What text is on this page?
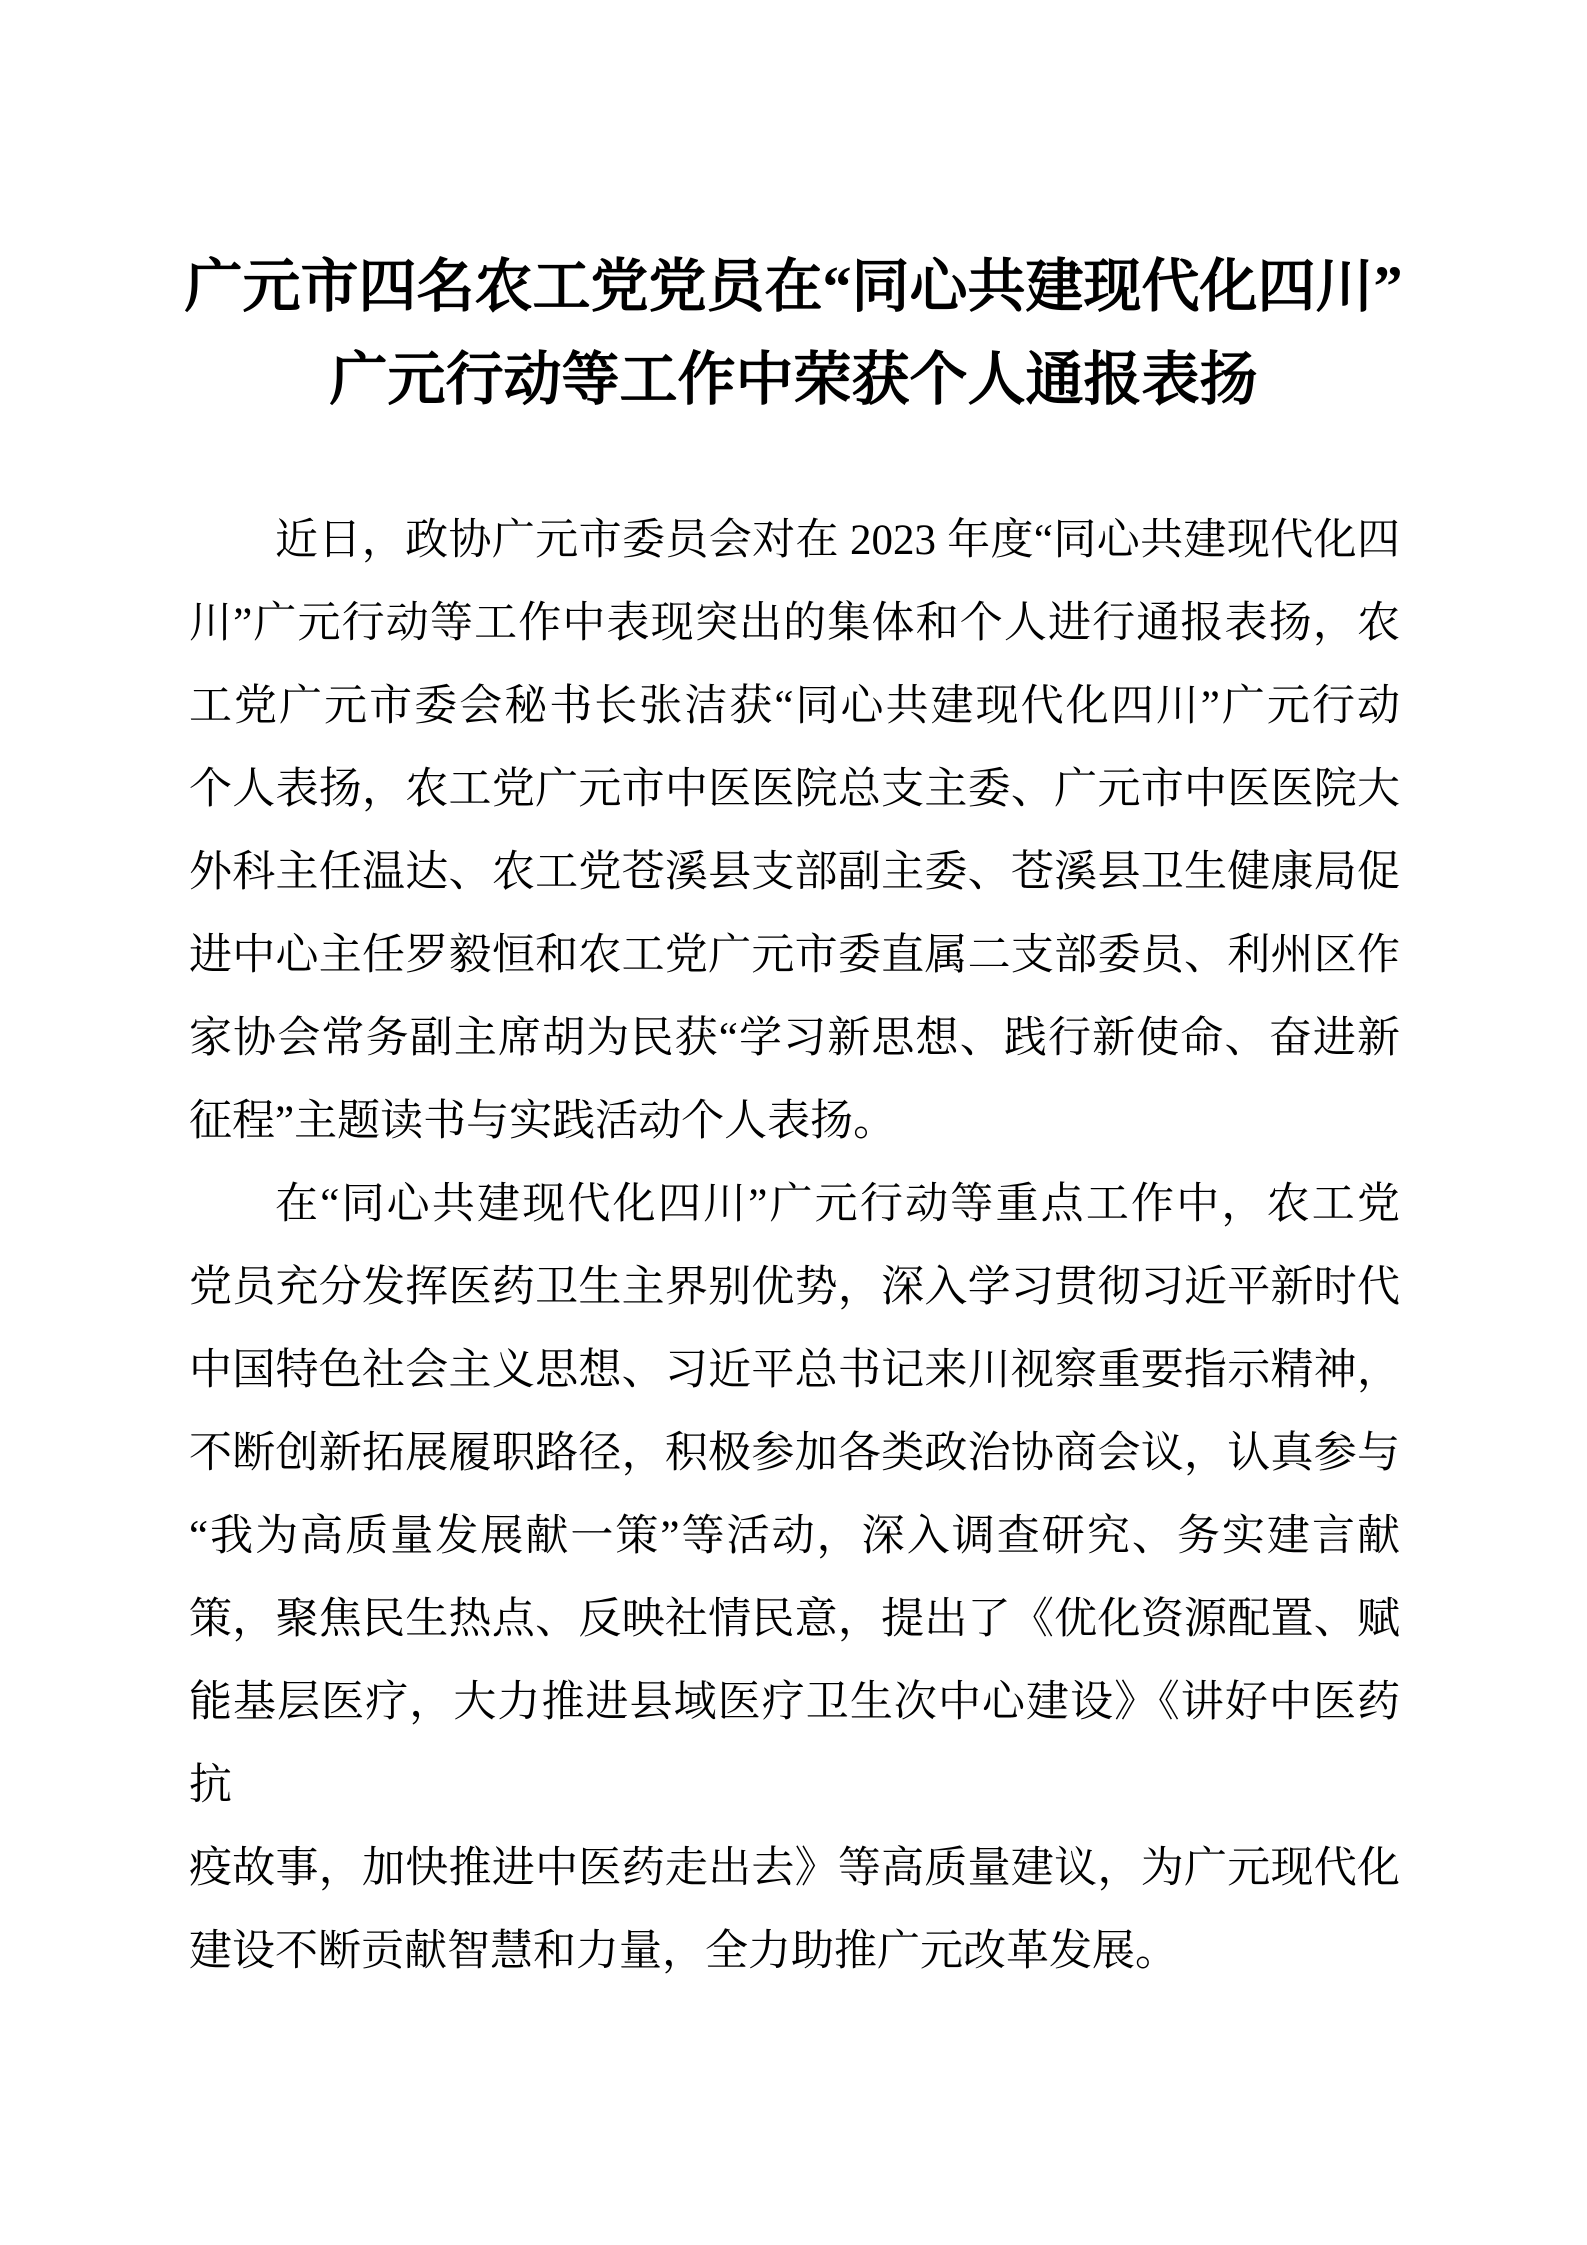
广元市四名农工党党员在“同心共建现代化四川”
广元行动等工作中荣获个人通报表扬
近日，政协广元市委员会对在 2023 年度“同心共建现代化四
川”广元行动等工作中表现突出的集体和个人进行通报表扬，农
工党广元市委会秘书长张洁获“同心共建现代化四川”广元行动
个人表扬，农工党广元市中医医院总支主委、广元市中医医院大
外科主任温达、农工党苍溪县支部副主委、苍溪县卫生健康局促
进中心主任罗毅恒和农工党广元市委直属二支部委员、利州区作
家协会常务副主席胡为民获“学习新思想、践行新使命、奋进新
征程”主题读书与实践活动个人表扬。
在“同心共建现代化四川”广元行动等重点工作中，农工党
党员充分发挥医药卫生主界别优势，深入学习贯彻习近平新时代
中国特色社会主义思想、习近平总书记来川视察重要指示精神，
不断创新拓展履职路径，积极参加各类政治协商会议，认真参与
“我为高质量发展献一策”等活动，深入调查研究、务实建言献
策，聚焦民生热点、反映社情民意，提出了《优化资源配置、赋
能基层医疗，大力推进县域医疗卫生次中心建设》《讲好中医药抗
疫故事，加快推进中医药走出去》等高质量建议，为广元现代化
建设不断贡献智慧和力量，全力助推广元改革发展。
